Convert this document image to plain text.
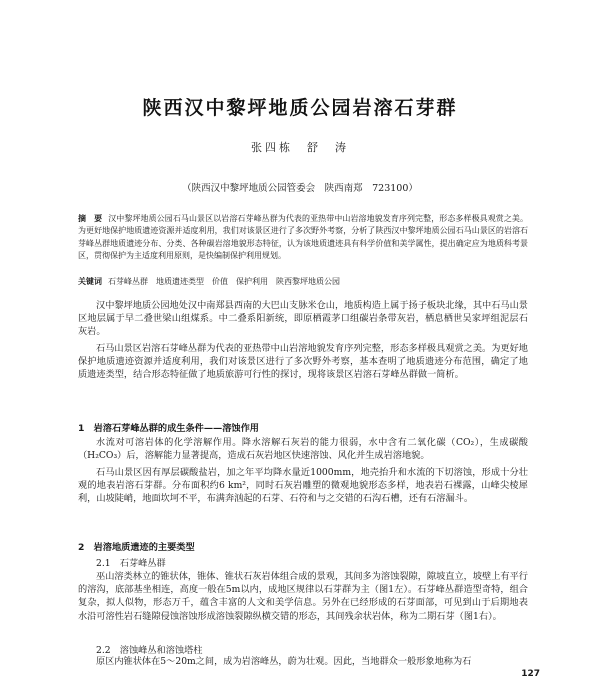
陕西汉中黎坪地质公园岩溶石芽群
张四栋　舒　涛
（陕西汉中黎坪地质公园管委会　陕西南郑　723100）
摘　要 汉中黎坪地质公园石马山景区以岩溶石芽峰丛群为代表的亚热带中山岩溶地貌发育序列完整，形态多样极具观赏之美。为更好地保护地质遗迹资源并适度利用，我们对该景区进行了多次野外考察，分析了陕西汉中黎坪地质公园石马山景区的岩溶石芽峰丛群地质遗迹分布、分类、各种碳岩溶地貌形态特征，认为该地质遗迹具有科学价值和美学属性，提出确定应为地质科考景区，贯彻保护为主适度利用原则，是快编制保护利用规划。
关键词 石芽峰丛群　地质遗迹类型　价值　保护利用　陕西黎坪地质公园
汉中黎坪地质公园地处汉中南郑县西南的大巴山支脉米仓山，地质构造上属于扬子板块北缘，其中石马山景区地层属于早二叠世梁山组煤系。中二叠系阳新统，即原栖霞茅口组碳岩条带灰岩，栖息栖世吴家坪组泥层石灰岩。
石马山景区岩溶石芽峰丛群为代表的亚热带中山岩溶地貌发育序列完整，形态多样极具观赏之美。为更好地保护地质遗迹资源并适度利用，我们对该景区进行了多次野外考察，基本查明了地质遗迹分布范围，确定了地质遗迹类型，结合形态特征做了地质旅游可行性的探讨，现将该景区岩溶石芽峰丛群做一简析。
1　岩溶石芽峰丛群的成生条件——溶蚀作用
水流对可溶岩体的化学溶解作用。降水溶解石灰岩的能力很弱，水中含有二氧化碳（CO₂），生成碳酸（H₂CO₃）后，溶解能力显著提高，造成石灰岩地区快速溶蚀、风化并生成岩溶地貌。
石马山景区因有厚层碳酸盐岩，加之年平均降水量近1000mm，地壳抬升和水流的下切溶蚀，形成十分壮观的地表岩溶石芽群。分布面积约6 km²，同时石灰岩雕塑的微观地貌形态多样，地表岩石裸露，山峰尖棱犀利，山坡陡峭，地面坎坷不平，布满奔汹起的石芽、石符和与之交错的石沟石槽，还有石溶漏斗。
2　岩溶地质遗迹的主要类型
2.1　石芽峰丛群
巫山溶类林立的锥状体，锥体、锥状石灰岩体组合成的景观，其间多为溶蚀裂隙，隙坡直立，坡壁上有平行的溶沟，底部基坐相连，高度一般在5m以内，成地区规律以石芽群为主（图1左）。石芽峰丛群造型奇特，组合复杂，拟人似物，形态万千，蕴含丰富的人文和美学信息。另外在已经形成的石芽面部，可见到山于后期地表水沿可溶性岩石缝隙侵蚀溶蚀形成溶蚀裂隙纵横交错的形态，其间残余状岩体，称为二期石芽（图1右）。
2.2　溶蚀峰丛和溶蚀塔柱
原区内锥状体在5～20m之间，成为岩溶峰丛，蔚为壮观。因此，当地群众一般形象地称为石
127
